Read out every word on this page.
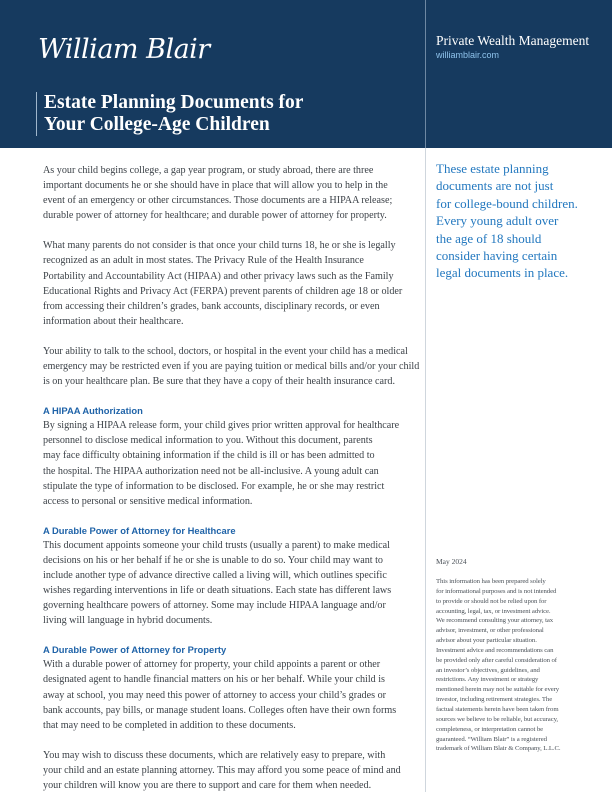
William Blair	Private Wealth Management
williamblair.com
Estate Planning Documents for
Your College-Age Children
As your child begins college, a gap year program, or study abroad, there are three
important documents he or she should have in place that will allow you to help in the
event of an emergency or other circumstances. Those documents are a HIPAA release;
durable power of attorney for healthcare; and durable power of attorney for property.
What many parents do not consider is that once your child turns 18, he or she is legally
recognized as an adult in most states. The Privacy Rule of the Health Insurance
Portability and Accountability Act (HIPAA) and other privacy laws such as the Family
Educational Rights and Privacy Act (FERPA) prevent parents of children age 18 or older
from accessing their children’s grades, bank accounts, disciplinary records, or even
information about their healthcare.
Your ability to talk to the school, doctors, or hospital in the event your child has a medical
emergency may be restricted even if you are paying tuition or medical bills and/or your child
is on your healthcare plan. Be sure that they have a copy of their health insurance card.
A HIPAA Authorization
By signing a HIPAA release form, your child gives prior written approval for healthcare
personnel to disclose medical information to you. Without this document, parents
may face difficulty obtaining information if the child is ill or has been admitted to
the hospital. The HIPAA authorization need not be all-inclusive. A young adult can
stipulate the type of information to be disclosed. For example, he or she may restrict
access to personal or sensitive medical information.
A Durable Power of Attorney for Healthcare
This document appoints someone your child trusts (usually a parent) to make medical
decisions on his or her behalf if he or she is unable to do so. Your child may want to
include another type of advance directive called a living will, which outlines specific
wishes regarding interventions in life or death situations. Each state has different laws
governing healthcare powers of attorney. Some may include HIPAA language and/or
living will language in hybrid documents.
A Durable Power of Attorney for Property
With a durable power of attorney for property, your child appoints a parent or other
designated agent to handle financial matters on his or her behalf. While your child is
away at school, you may need this power of attorney to access your child’s grades or
bank accounts, pay bills, or manage student loans. Colleges often have their own forms
that may need to be completed in addition to these documents.
You may wish to discuss these documents, which are relatively easy to prepare, with
your child and an estate planning attorney. This may afford you some peace of mind and
your children will know you are there to support and care for them when needed.
These estate planning
documents are not just
for college-bound children.
Every young adult over
the age of 18 should
consider having certain
legal documents in place.
May 2024
This information has been prepared solely
for informational purposes and is not intended
to provide or should not be relied upon for
accounting, legal, tax, or investment advice.
We recommend consulting your attorney, tax
advisor, investment, or other professional
advisor about your particular situation.
Investment advice and recommendations can
be provided only after careful consideration of
an investor’s objectives, guidelines, and
restrictions. Any investment or strategy
mentioned herein may not be suitable for every
investor, including retirement strategies. The
factual statements herein have been taken from
sources we believe to be reliable, but accuracy,
completeness, or interpretation cannot be
guaranteed. “William Blair” is a registered
trademark of William Blair & Company, L.L.C.
